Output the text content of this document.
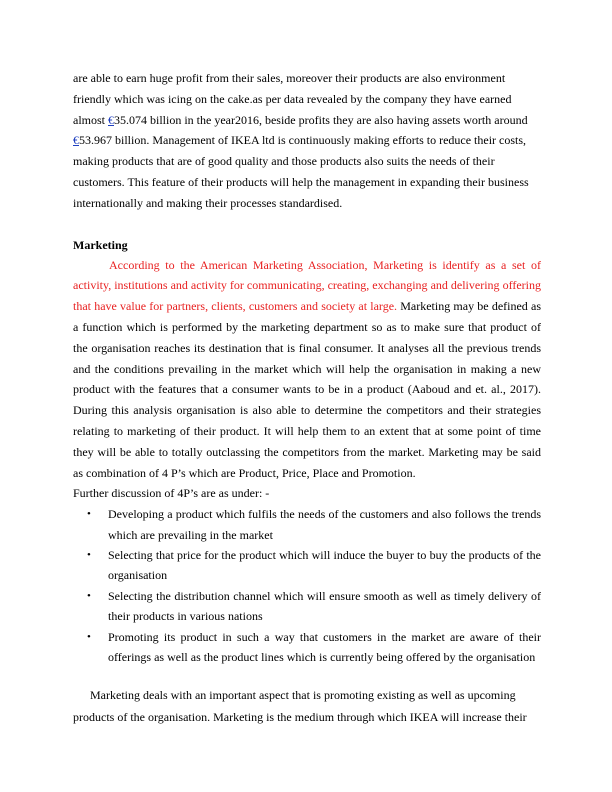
are able to earn huge profit from their sales, moreover their products are also environment friendly which was icing on the cake.as per data revealed by the company they have earned almost €35.074 billion in the year2016, beside profits they are also having assets worth around €53.967 billion. Management of IKEA ltd is continuously making efforts to reduce their costs, making products that are of good quality and those products also suits the needs of their customers. This feature of their products will help the management in expanding their business internationally and making their processes standardised.

Marketing

According to the American Marketing Association, Marketing is identify as a set of activity, institutions and activity for communicating, creating, exchanging and delivering offering that have value for partners, clients, customers and society at large. Marketing may be defined as a function which is performed by the marketing department so as to make sure that product of the organisation reaches its destination that is final consumer. It analyses all the previous trends and the conditions prevailing in the market which will help the organisation in making a new product with the features that a consumer wants to be in a product (Aaboud and et. al., 2017). During this analysis organisation is also able to determine the competitors and their strategies relating to marketing of their product. It will help them to an extent that at some point of time they will be able to totally outclassing the competitors from the market. Marketing may be said as combination of 4 P’s which are Product, Price, Place and Promotion.

Further discussion of 4P’s are as under: -

• Developing a product which fulfils the needs of the customers and also follows the trends which are prevailing in the market
• Selecting that price for the product which will induce the buyer to buy the products of the organisation
• Selecting the distribution channel which will ensure smooth as well as timely delivery of their products in various nations
• Promoting its product in such a way that customers in the market are aware of their offerings as well as the product lines which is currently being offered by the organisation

Marketing deals with an important aspect that is promoting existing as well as upcoming products of the organisation. Marketing is the medium through which IKEA will increase their
